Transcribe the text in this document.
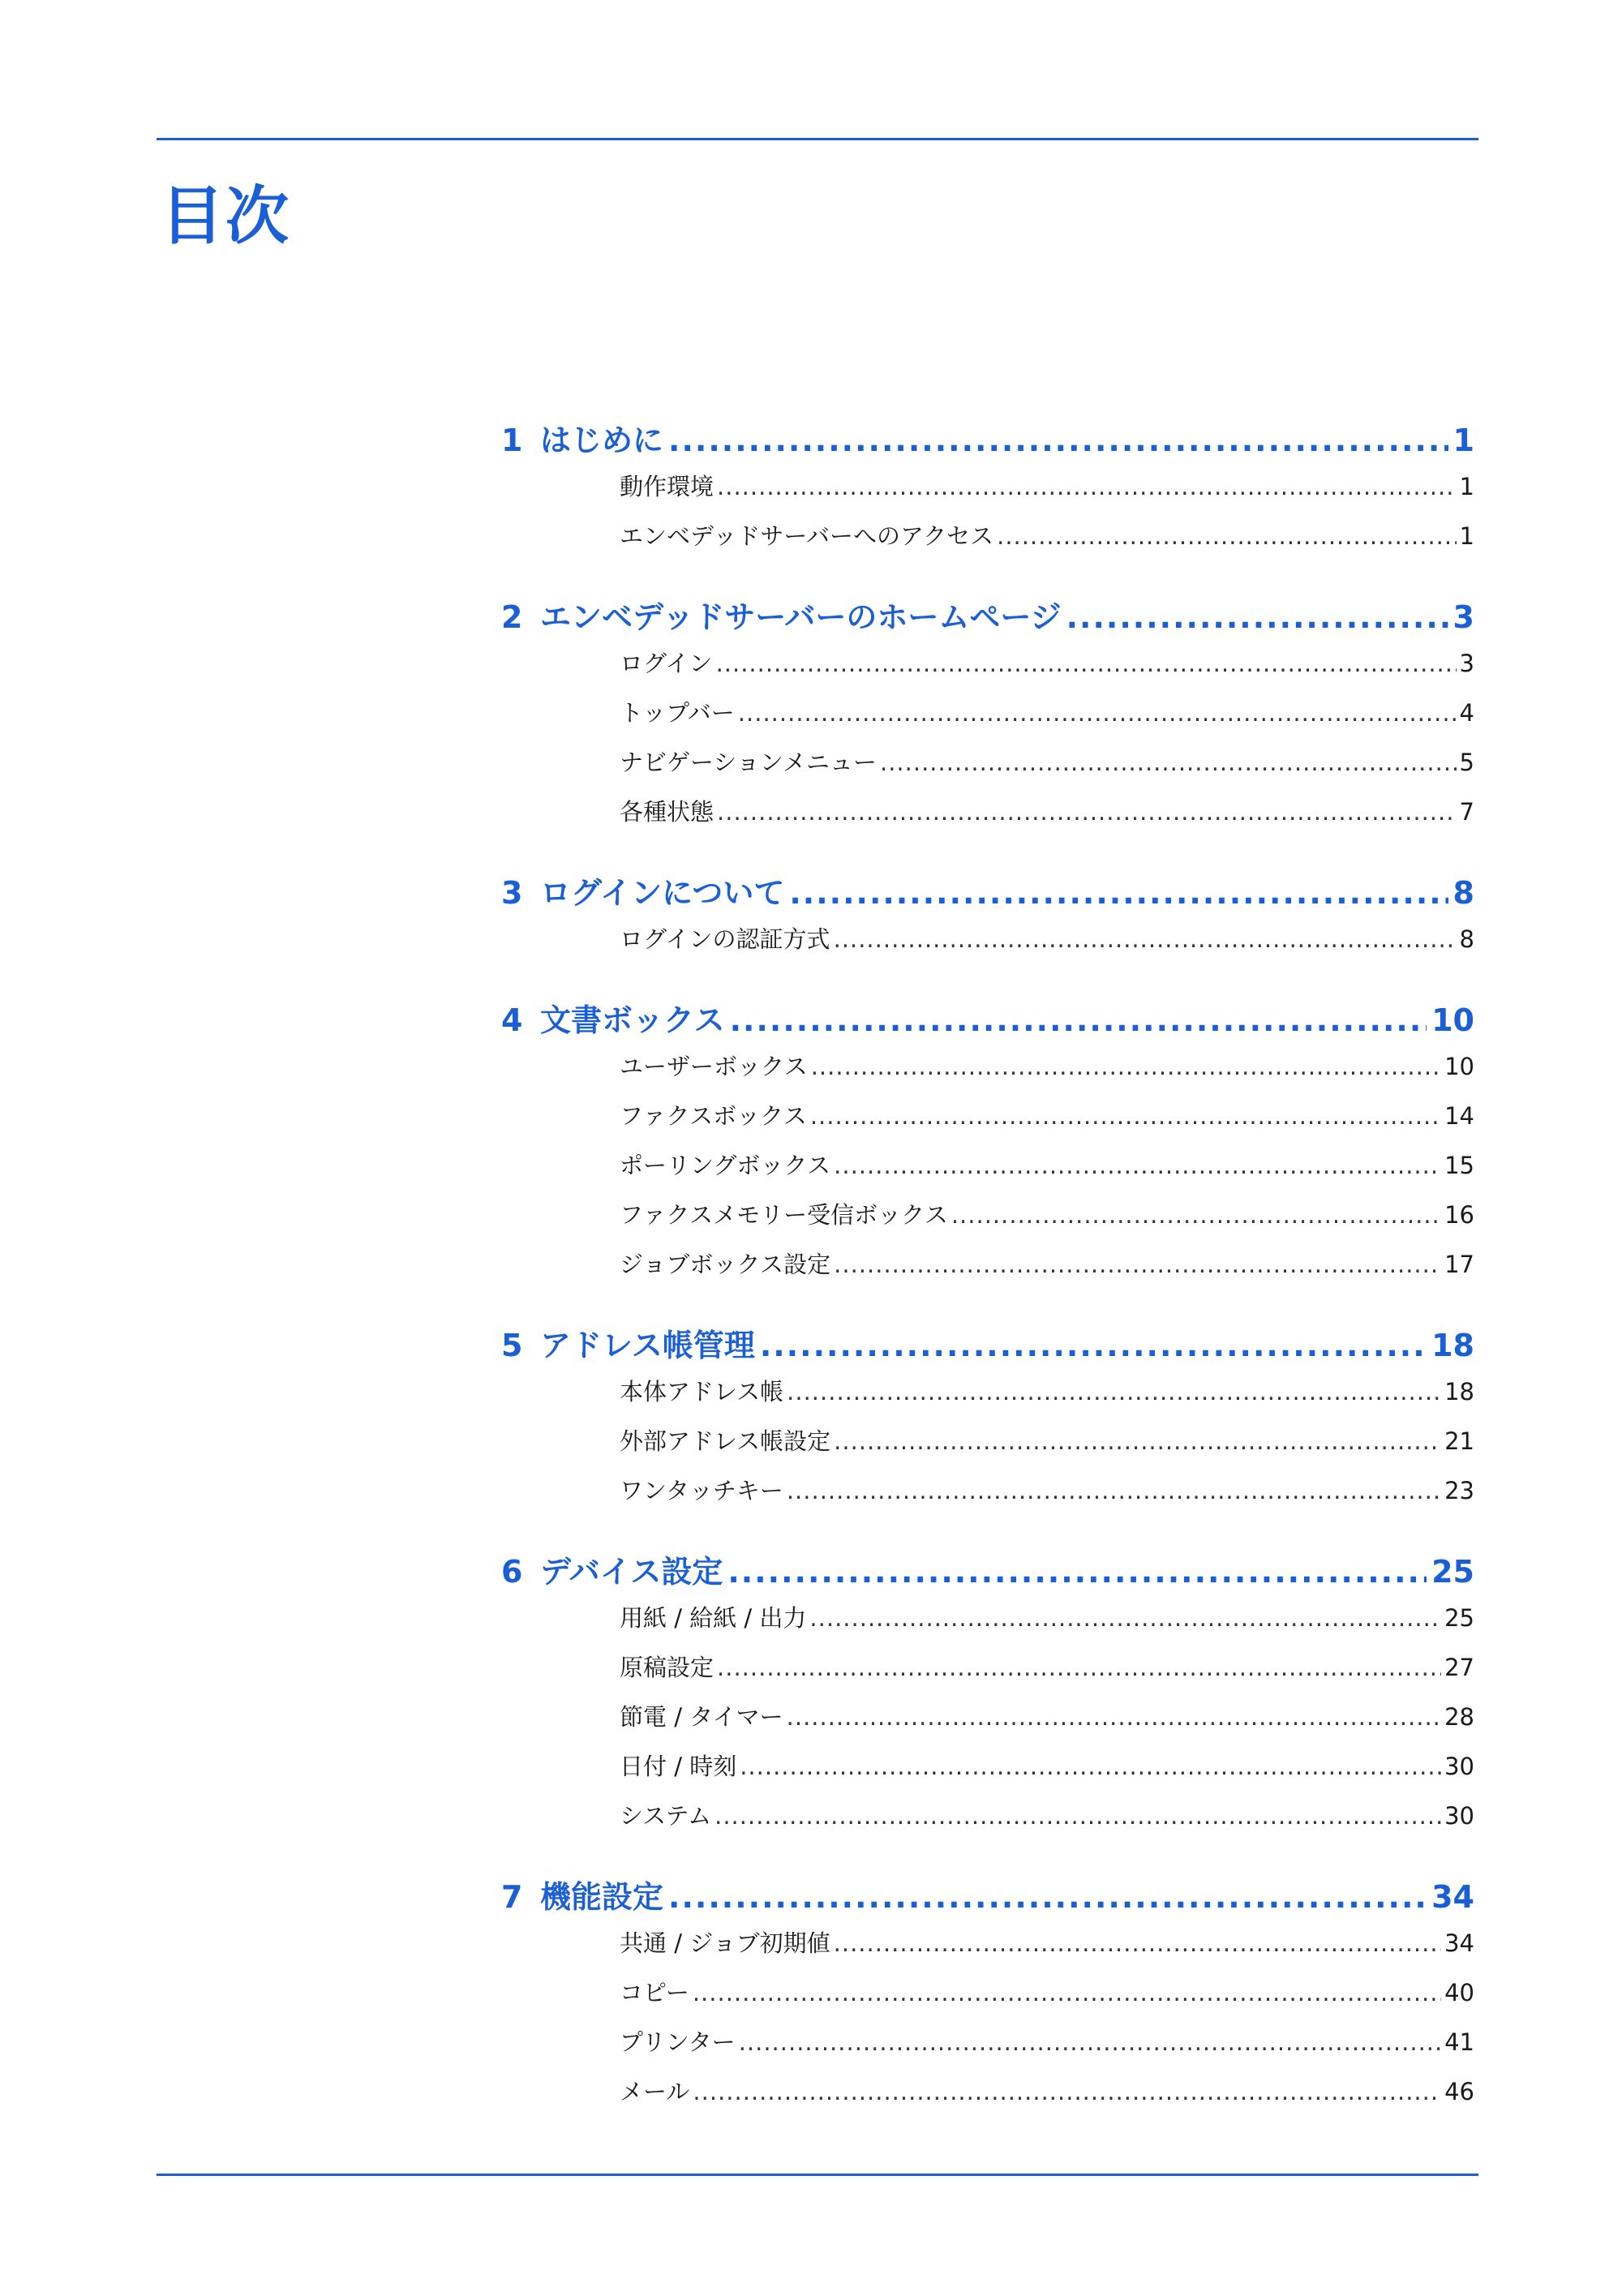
目次
1 はじめに .....	1
動作環境 .....	1
エンベデッドサーバーへのアクセス .....	1
2 エンベデッドサーバーのホームページ .....	3
ログイン .....	3
トップバー .....	4
ナビゲーションメニュー .....	5
各種状態 .....	7
3 ログインについて .....	8
ログインの認証方式 .....	8
4 文書ボックス .....	10
ユーザーボックス .....	10
ファクスボックス .....	14
ポーリングボックス .....	15
ファクスメモリー受信ボックス .....	16
ジョブボックス設定 .....	17
5 アドレス帳管理 .....	18
本体アドレス帳 .....	18
外部アドレス帳設定 .....	21
ワンタッチキー .....	23
6 デバイス設定 .....	25
用紙 / 給紙 / 出力 .....	25
原稿設定 .....	27
節電 / タイマー .....	28
日付 / 時刻 .....	30
システム .....	30
7 機能設定 .....	34
共通 / ジョブ初期値 .....	34
コピー .....	40
プリンター .....	41
メール .....	46
